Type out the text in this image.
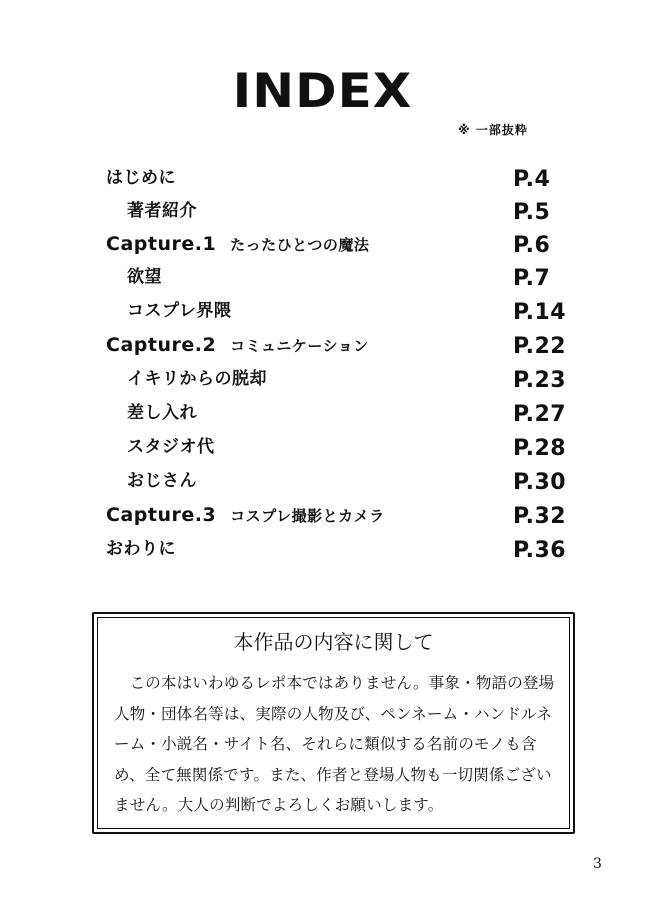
INDEX
※ 一部抜粋
はじめに	P.4
著者紹介	P.5
Capture.1 たったひとつの魔法	P.6
欲望	P.7
コスプレ界隈	P.14
Capture.2 コミュニケーション	P.22
イキリからの脱却	P.23
差し入れ	P.27
スタジオ代	P.28
おじさん	P.30
Capture.3 コスプレ撮影とカメラ	P.32
おわりに	P.36
本作品の内容に関して
この本はいわゆるレポ本ではありません。事象・物語の登場人物・団体名等は、実際の人物及び、ペンネーム・ハンドルネーム・小説名・サイト名、それらに類似する名前のモノも含め、全て無関係です。また、作者と登場人物も一切関係ございません。大人の判断でよろしくお願いします。
3
